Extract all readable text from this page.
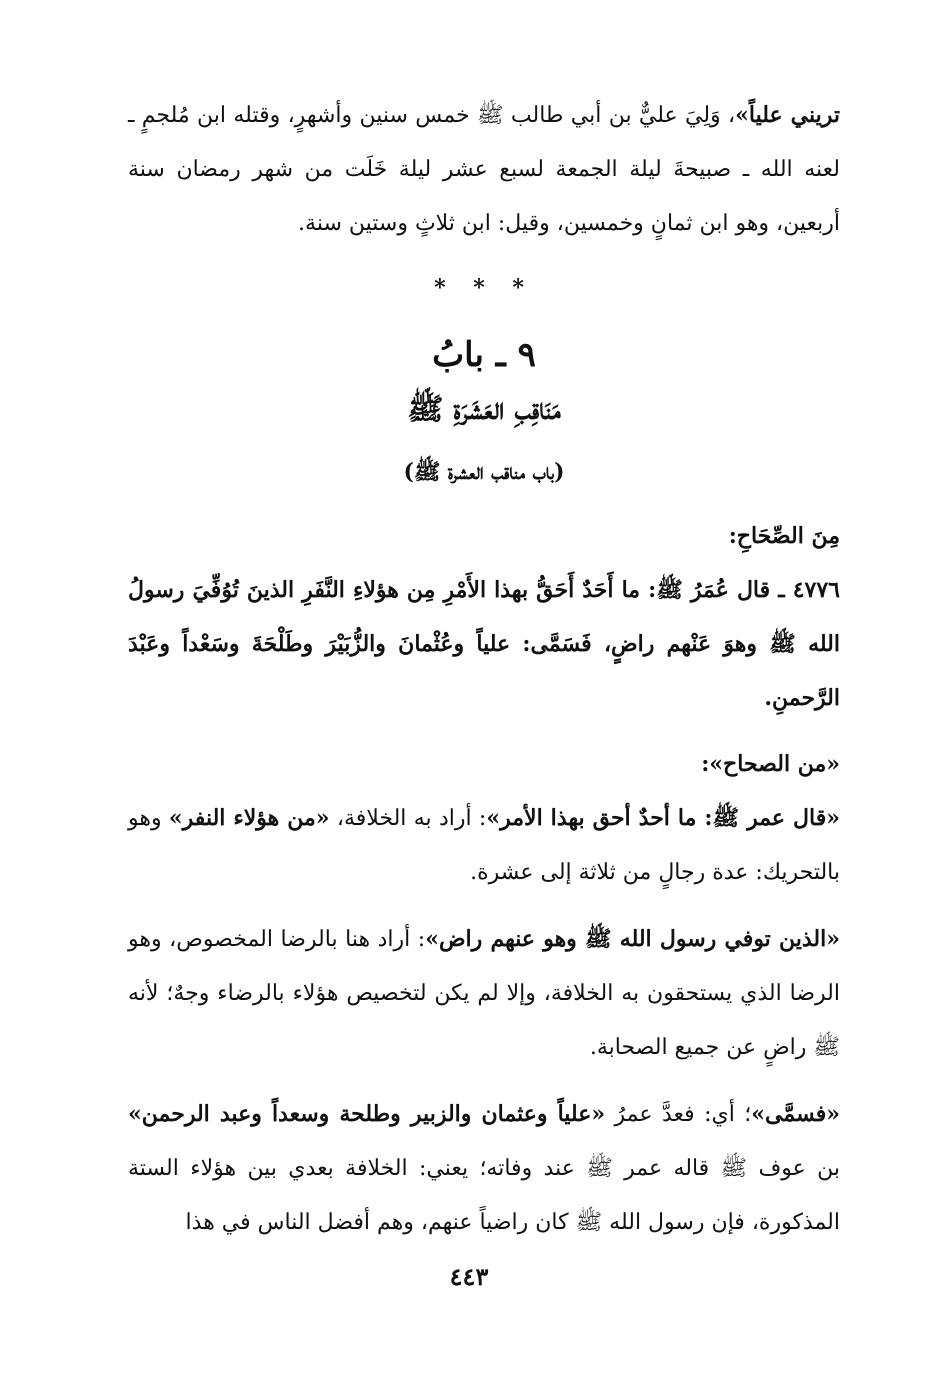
تريني علياً»، وَلِيَ عليٌّ بن أبي طالب ﷺ خمس سنين وأشهرٍ، وقتله ابن مُلجمٍ ـ لعنه الله ـ صبيحةَ ليلة الجمعة لسبع عشر ليلة خَلَت من شهر رمضان سنة أربعين، وهو ابن ثمانٍ وخمسين، وقيل: ابن ثلاثٍ وستين سنة.

* * *
٩ ـ بابُ
مَنَاقِبِ العَشَرَةِ ﷺ
(باب مناقب العشرة ﷺ)

مِنَ الصِّحَاحِ:

٤٧٧٦ ـ قال عُمَرُ ﷺ: ما أَحَدٌ أَحَقُّ بهذا الأَمْرِ مِن هؤلاءِ النَّفَرِ الذينَ تُوُفِّيَ رسولُ الله ﷺ وهوَ عَنْهم راضٍ، فَسَمَّى: علياً وعُثْمانَ والزُّبَيْرَ وطَلْحَةَ وسَعْداً وعَبْدَ الرَّحمنِ.

«من الصحاح»:

«قال عمر ﷺ: ما أحدٌ أحق بهذا الأمر»: أراد به الخلافة، «من هؤلاء النفر» وهو بالتحريك: عدة رجالٍ من ثلاثة إلى عشرة.

«الذين توفي رسول الله ﷺ وهو عنهم راض»: أراد هنا بالرضا المخصوص، وهو الرضا الذي يستحقون به الخلافة، وإلا لم يكن لتخصيص هؤلاء بالرضاء وجهٌ؛ لأنه ﷺ راضٍ عن جميع الصحابة.

«فسمَّى»؛ أي: فعدَّ عمرُ «علياً وعثمان والزبير وطلحة وسعداً وعبد الرحمن» بن عوف ﷺ قاله عمر ﷺ عند وفاته؛ يعني: الخلافة بعدي بين هؤلاء الستة المذكورة، فإن رسول الله ﷺ كان راضياً عنهم، وهم أفضل الناس في هذا

٤٤٣
